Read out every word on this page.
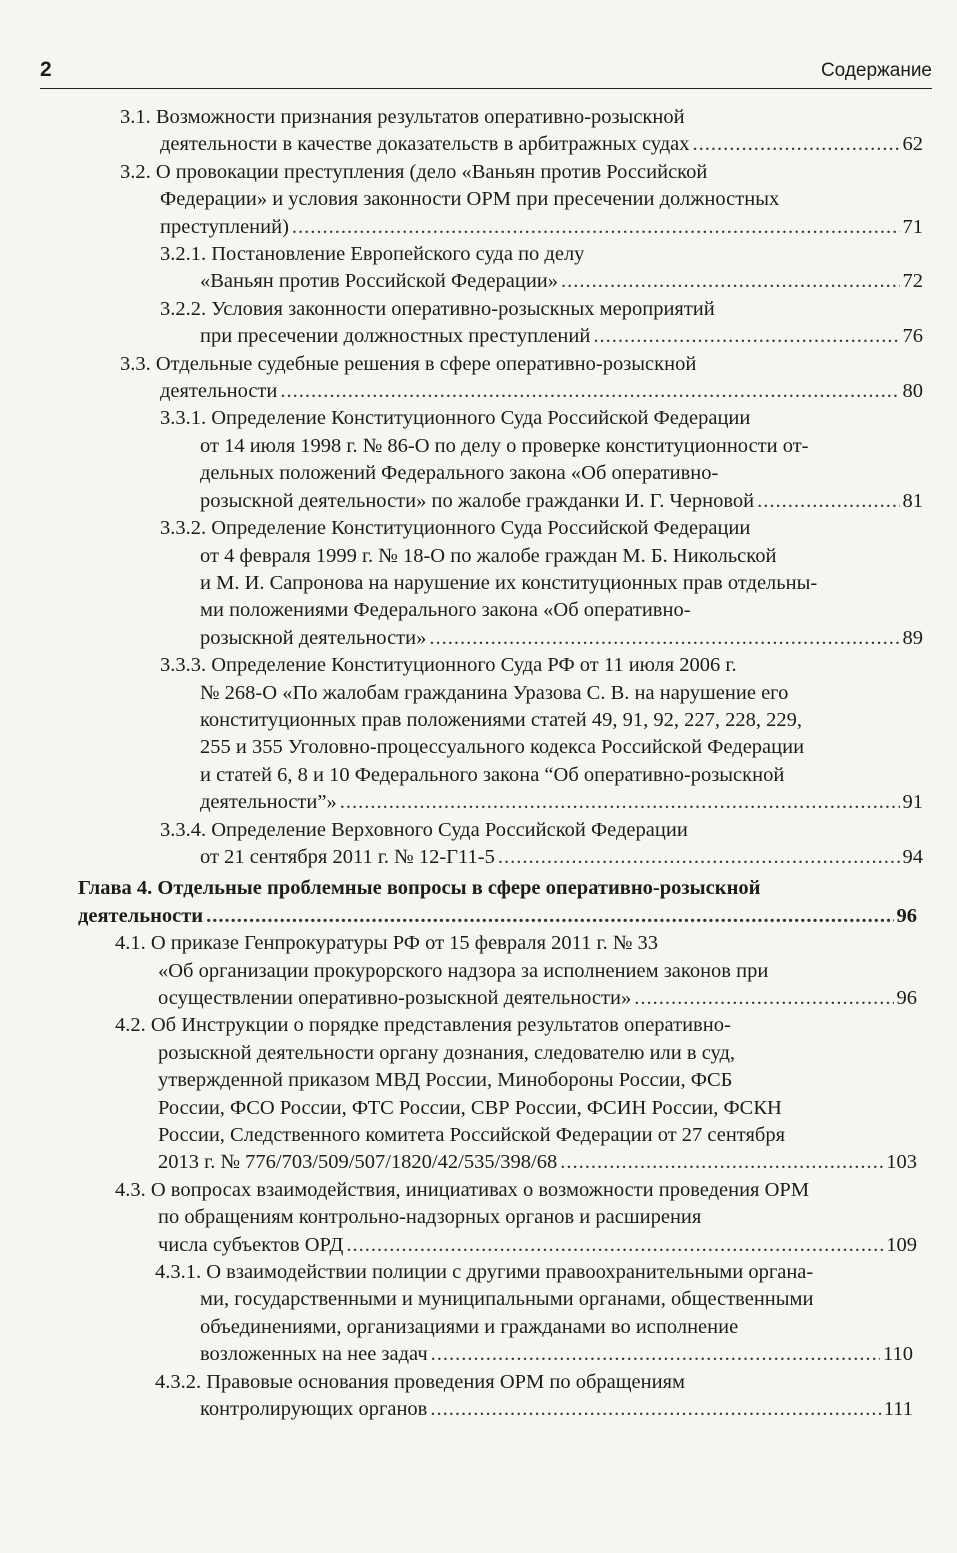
2	Содержание
3.1. Возможности признания результатов оперативно-розыскной
деятельности в качестве доказательств в арбитражных судах .....	62
3.2. О провокации преступления (дело «Ваньян против Российской
Федерации» и условия законности ОРМ при пресечении должностных
преступлений) .....	71
3.2.1. Постановление Европейского суда по делу
«Ваньян против Российской Федерации» .....	72
3.2.2. Условия законности оперативно-розыскных мероприятий
при пресечении должностных преступлений .....	76
3.3. Отдельные судебные решения в сфере оперативно-розыскной
деятельности .....	80
3.3.1. Определение Конституционного Суда Российской Федерации
от 14 июля 1998 г. № 86-О по делу о проверке конституционности от-
дельных положений Федерального закона «Об оперативно-
розыскной деятельности» по жалобе гражданки И. Г. Черновой .....	81
3.3.2. Определение Конституционного Суда Российской Федерации
от 4 февраля 1999 г. № 18-О по жалобе граждан М. Б. Никольской
и М. И. Сапронова на нарушение их конституционных прав отдельны-
ми положениями Федерального закона «Об оперативно-
розыскной деятельности» .....	89
3.3.3. Определение Конституционного Суда РФ от 11 июля 2006 г.
№ 268-О «По жалобам гражданина Уразова С. В. на нарушение его
конституционных прав положениями статей 49, 91, 92, 227, 228, 229,
255 и 355 Уголовно-процессуального кодекса Российской Федерации
и статей 6, 8 и 10 Федерального закона “Об оперативно-розыскной
деятельности”» .....	91
3.3.4. Определение Верховного Суда Российской Федерации
от 21 сентября 2011 г. № 12-Г11-5 .....	94
Глава 4. Отдельные проблемные вопросы в сфере оперативно-розыскной
деятельности .....	96
4.1. О приказе Генпрокуратуры РФ от 15 февраля 2011 г. № 33
«Об организации прокурорского надзора за исполнением законов при
осуществлении оперативно-розыскной деятельности» .....	96
4.2. Об Инструкции о порядке представления результатов оперативно-
розыскной деятельности органу дознания, следователю или в суд,
утвержденной приказом МВД России, Минобороны России, ФСБ
России, ФСО России, ФТС России, СВР России, ФСИН России, ФСКН
России, Следственного комитета Российской Федерации от 27 сентября
2013 г. № 776/703/509/507/1820/42/535/398/68 .....	103
4.3. О вопросах взаимодействия, инициативах о возможности проведения ОРМ
по обращениям контрольно-надзорных органов и расширения
числа субъектов ОРД .....	109
4.3.1. О взаимодействии полиции с другими правоохранительными органа-
ми, государственными и муниципальными органами, общественными
объединениями, организациями и гражданами во исполнение
возложенных на нее задач .....	110
4.3.2. Правовые основания проведения ОРМ по обращениям
контролирующих органов .....	111
